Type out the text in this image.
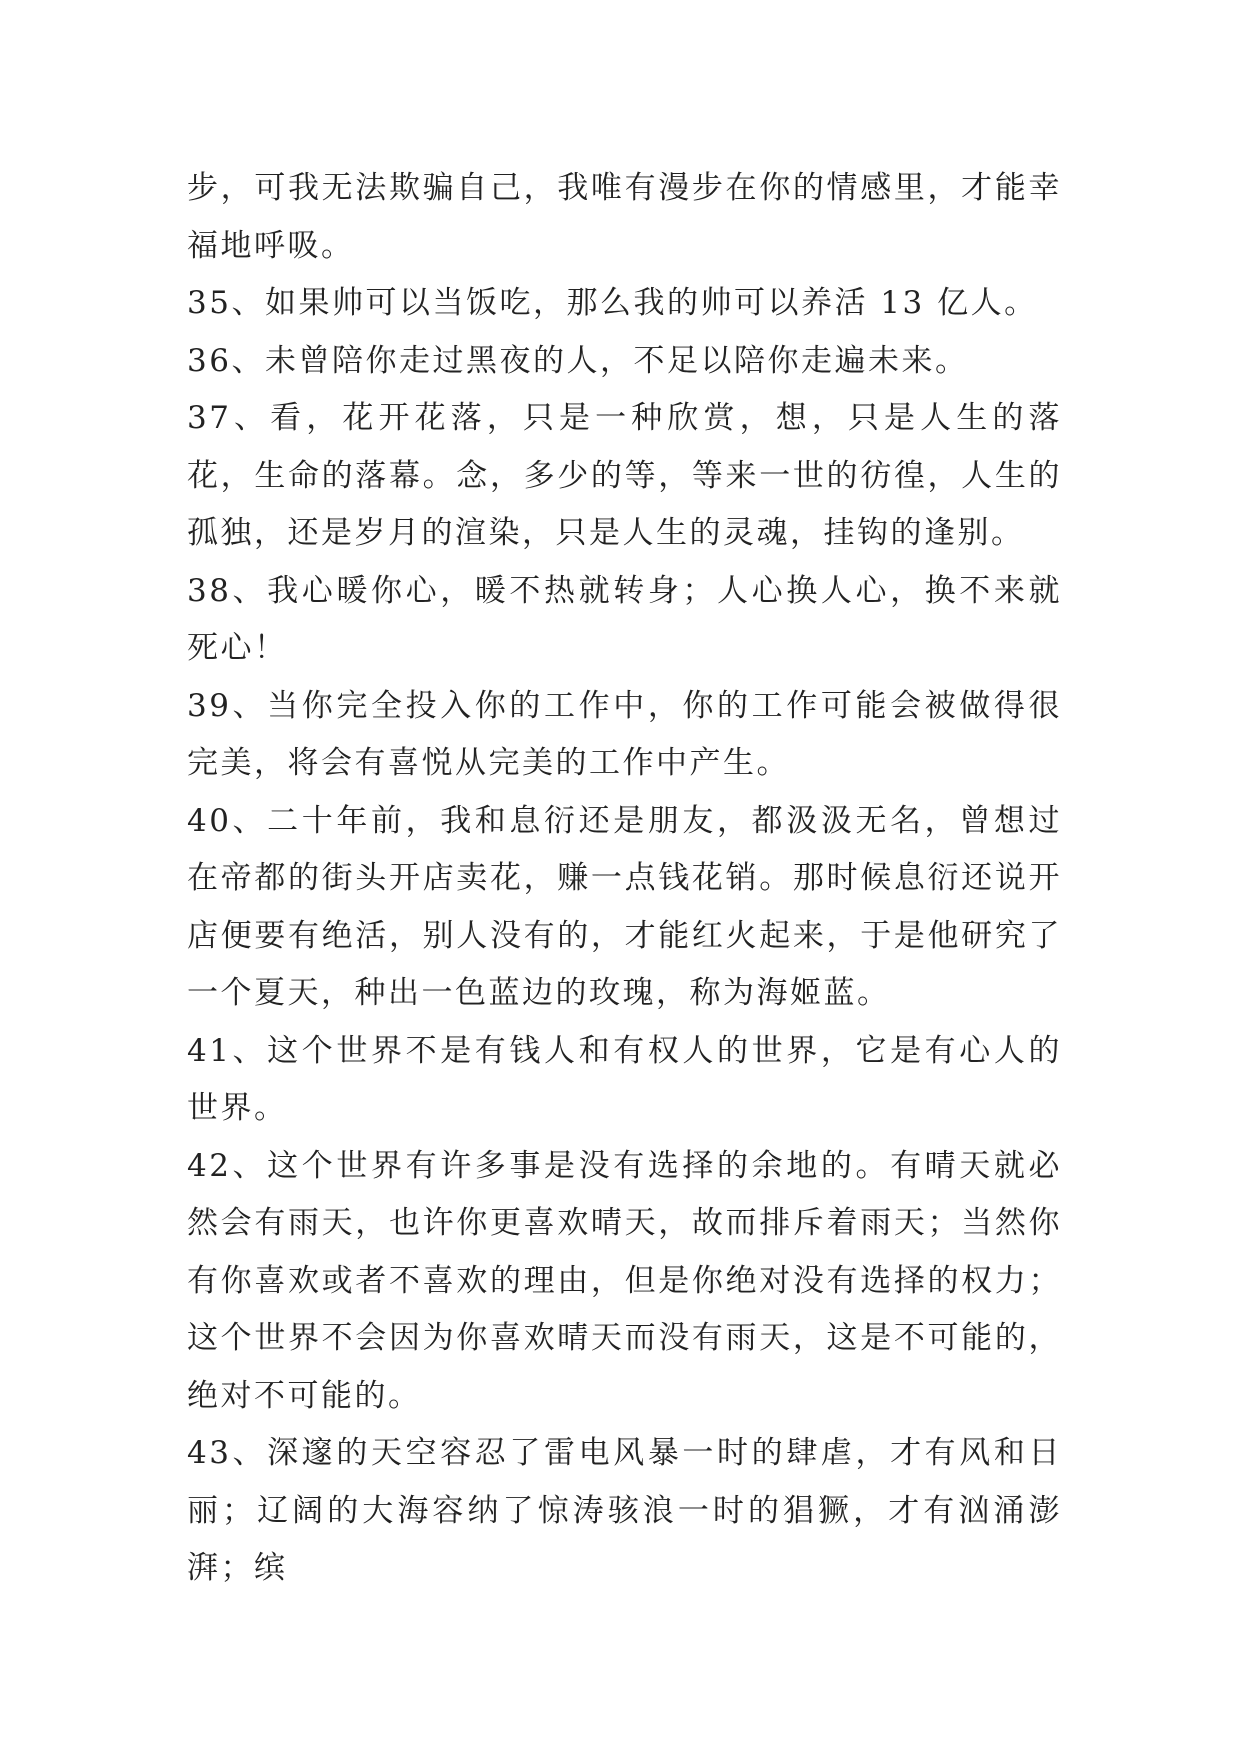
步，可我无法欺骗自己，我唯有漫步在你的情感里，才能幸福地呼吸。

35、如果帅可以当饭吃，那么我的帅可以养活 13 亿人。

36、未曾陪你走过黑夜的人，不足以陪你走遍未来。

37、看，花开花落，只是一种欣赏，想，只是人生的落花，生命的落幕。念，多少的等，等来一世的彷徨，人生的孤独，还是岁月的渲染，只是人生的灵魂，挂钩的逢别。

38、我心暖你心，暖不热就转身；人心换人心，换不来就死心！

39、当你完全投入你的工作中，你的工作可能会被做得很完美，将会有喜悦从完美的工作中产生。

40、二十年前，我和息衍还是朋友，都汲汲无名，曾想过在帝都的街头开店卖花，赚一点钱花销。那时候息衍还说开店便要有绝活，别人没有的，才能红火起来，于是他研究了一个夏天，种出一色蓝边的玫瑰，称为海姬蓝。

41、这个世界不是有钱人和有权人的世界，它是有心人的世界。

42、这个世界有许多事是没有选择的余地的。有晴天就必然会有雨天，也许你更喜欢晴天，故而排斥着雨天；当然你有你喜欢或者不喜欢的理由，但是你绝对没有选择的权力；这个世界不会因为你喜欢晴天而没有雨天，这是不可能的，绝对不可能的。

43、深邃的天空容忍了雷电风暴一时的肆虐，才有风和日丽；辽阔的大海容纳了惊涛骇浪一时的猖獗，才有汹涌澎湃；缤
